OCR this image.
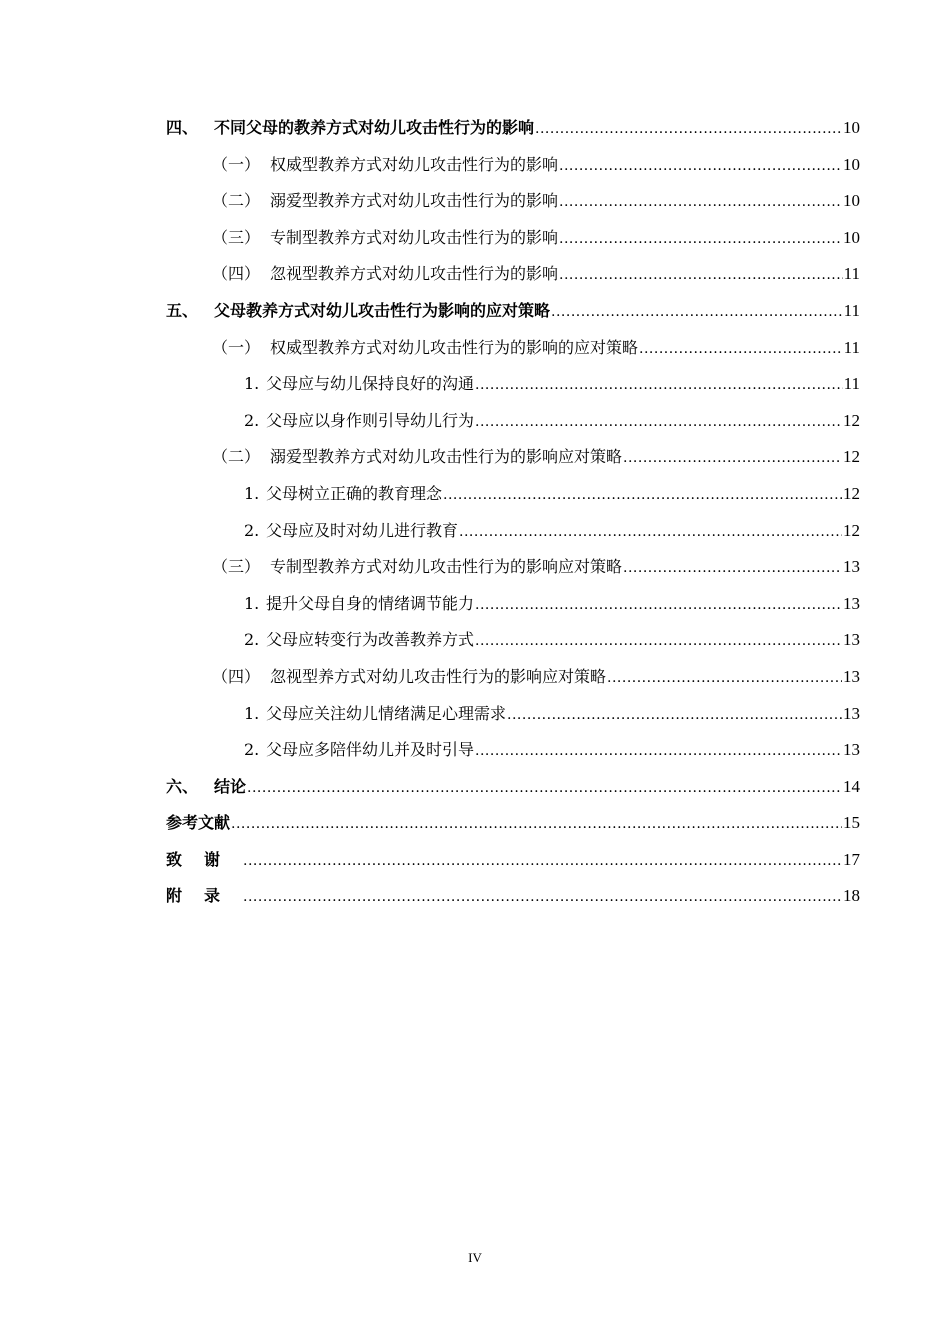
四、 不同父母的教养方式对幼儿攻击性行为的影响 .....	10
（一） 权威型教养方式对幼儿攻击性行为的影响 .....	10
（二） 溺爱型教养方式对幼儿攻击性行为的影响 .....	10
（三） 专制型教养方式对幼儿攻击性行为的影响 .....	10
（四） 忽视型教养方式对幼儿攻击性行为的影响 .....	11
五、 父母教养方式对幼儿攻击性行为影响的应对策略 .....	11
（一） 权威型教养方式对幼儿攻击性行为的影响的应对策略 .....	11
1. 父母应与幼儿保持良好的沟通 .....	11
2. 父母应以身作则引导幼儿行为 .....	12
（二） 溺爱型教养方式对幼儿攻击性行为的影响应对策略 .....	12
1. 父母树立正确的教育理念 .....	12
2. 父母应及时对幼儿进行教育 .....	12
（三） 专制型教养方式对幼儿攻击性行为的影响应对策略 .....	13
1. 提升父母自身的情绪调节能力 .....	13
2. 父母应转变行为改善教养方式 .....	13
（四） 忽视型养方式对幼儿攻击性行为的影响应对策略 .....	13
1. 父母应关注幼儿情绪满足心理需求 .....	13
2. 父母应多陪伴幼儿并及时引导 .....	13
六、 结论 .....	14
参考文献 .....	15
致谢 .....	17
附录 .....	18
IV
